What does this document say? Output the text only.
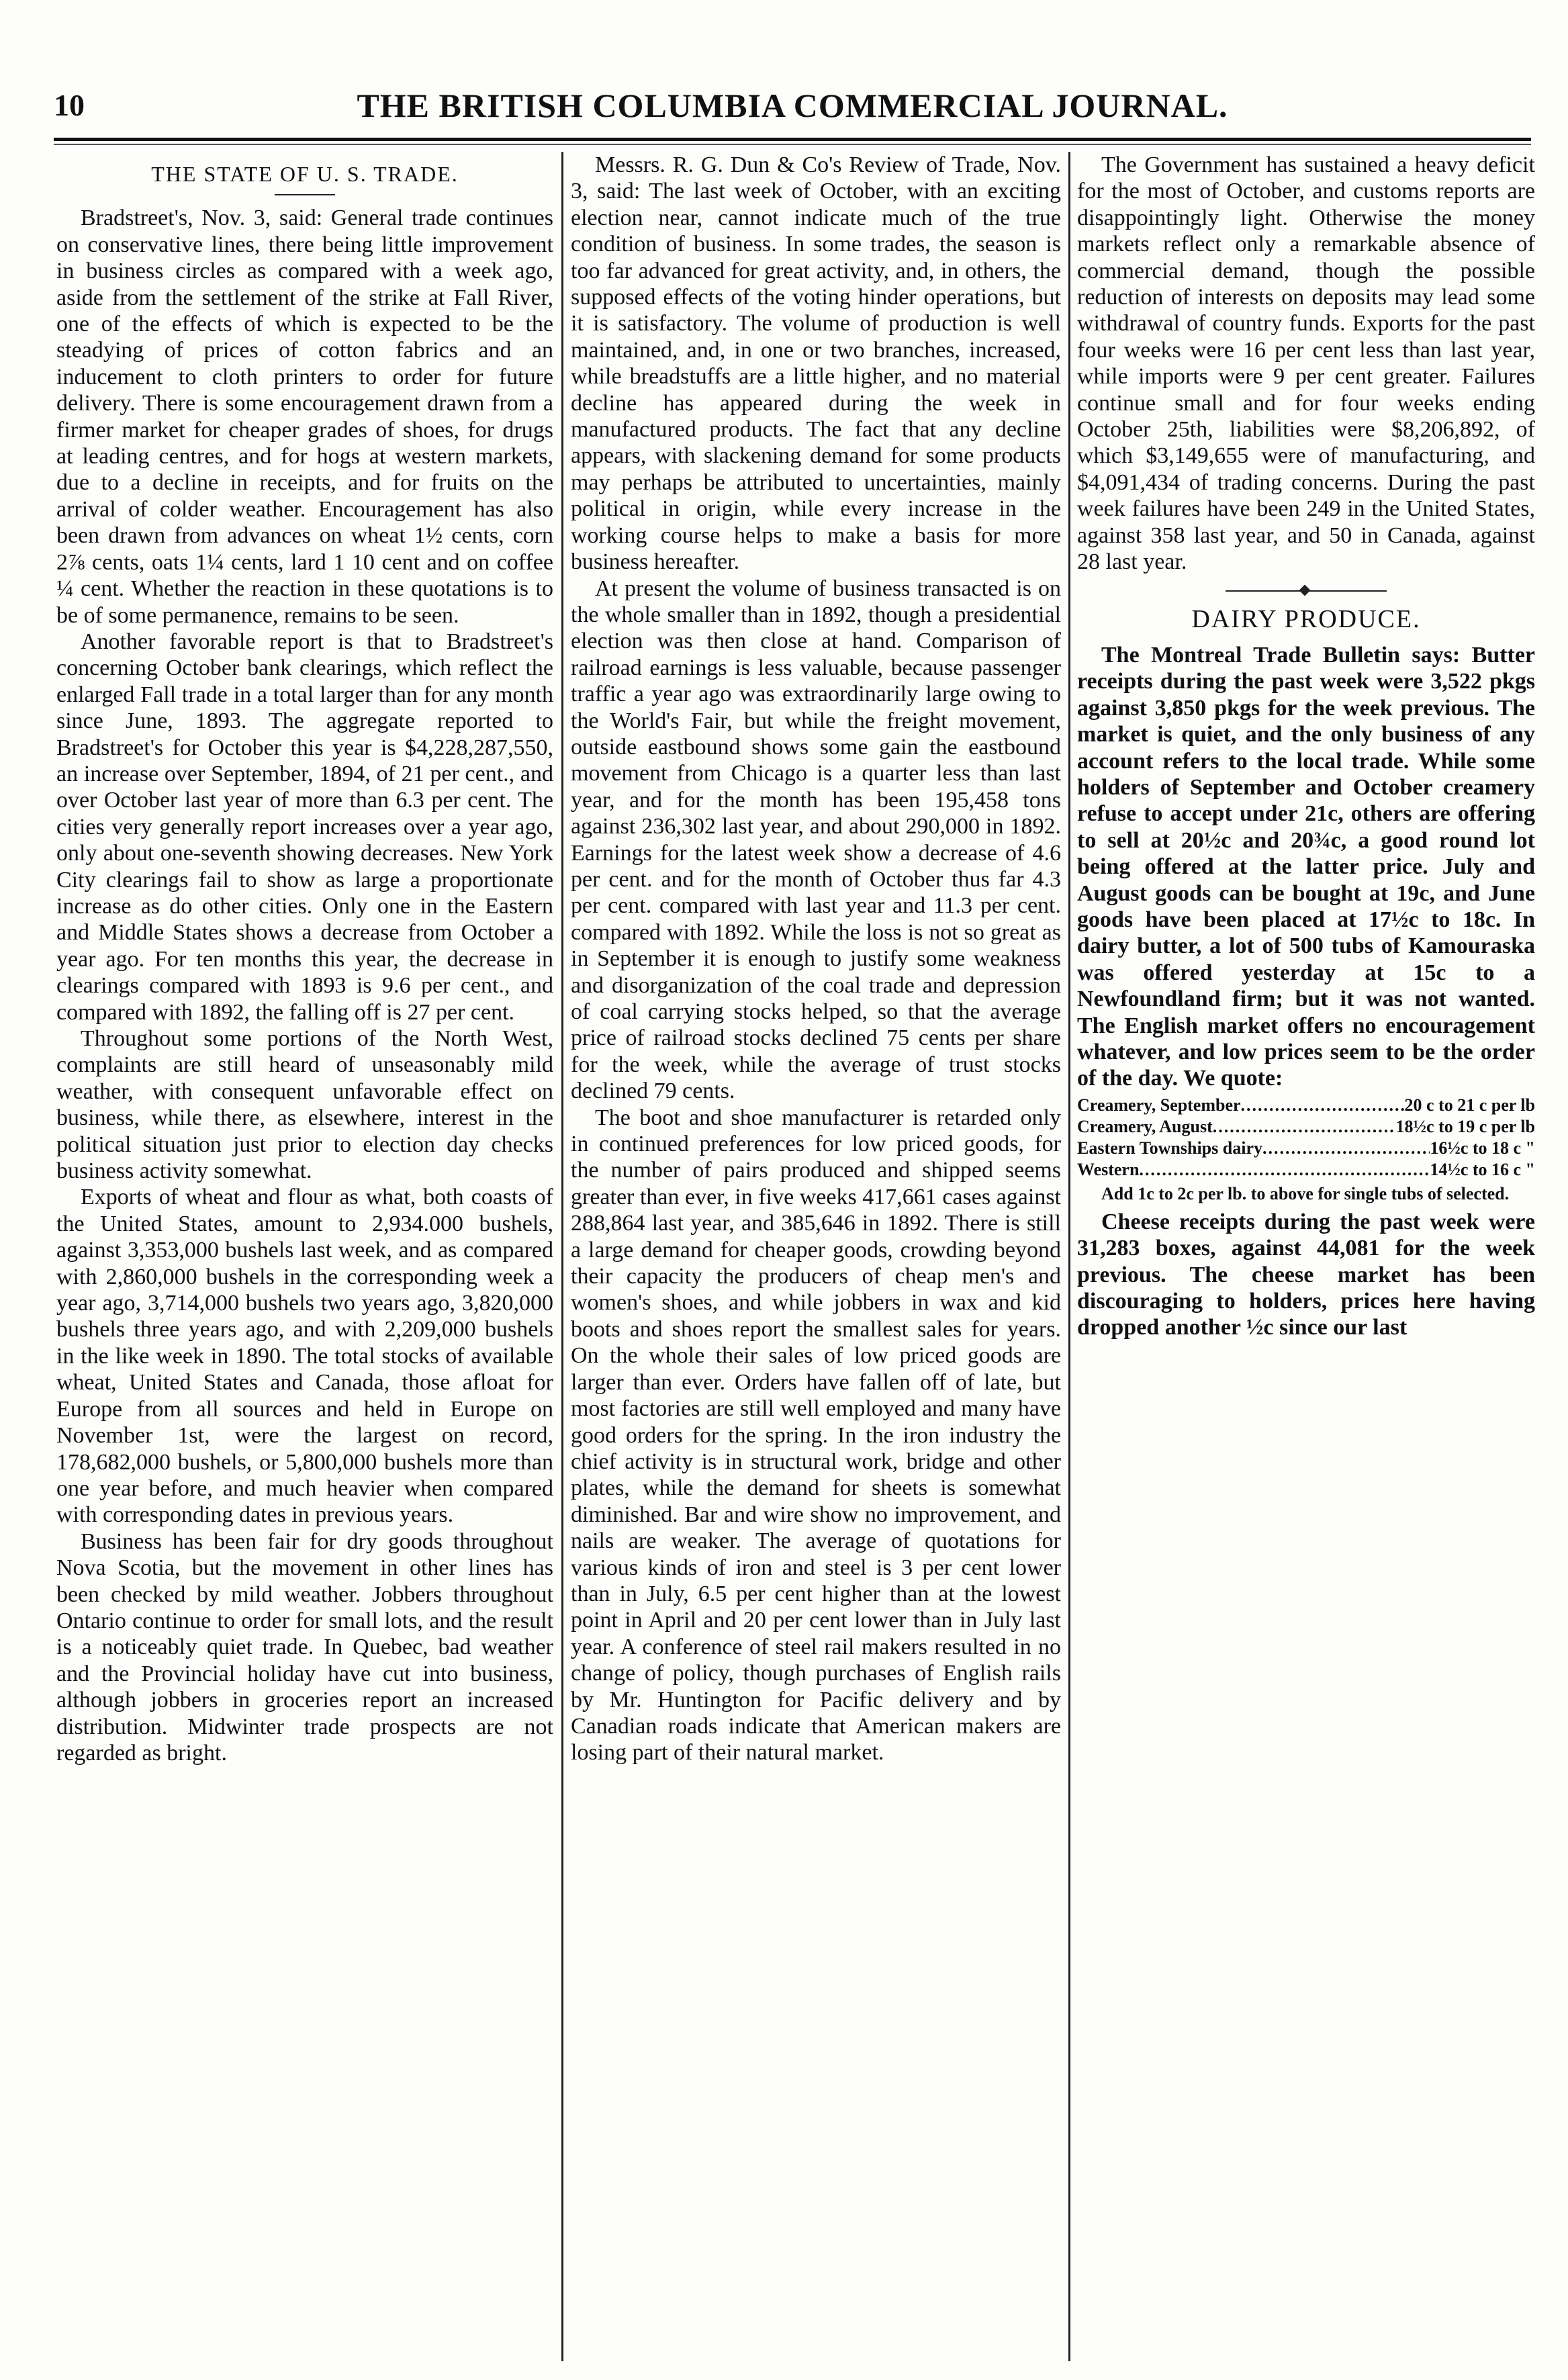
10	THE BRITISH COLUMBIA COMMERCIAL JOURNAL.
THE STATE OF U. S. TRADE.

Bradstreet's, Nov. 3, said: General trade continues on conservative lines, there being little improvement in business circles as compared with a week ago, aside from the settlement of the strike at Fall River, one of the effects of which is expected to be the steadying of prices of cotton fabrics and an inducement to cloth printers to order for future delivery. There is some encouragement drawn from a firmer market for cheaper grades of shoes, for drugs at leading centres, and for hogs at western markets, due to a decline in receipts, and for fruits on the arrival of colder weather. Encouragement has also been drawn from advances on wheat 1½ cents, corn 2⅞ cents, oats 1¼ cents, lard 1 10 cent and on coffee ¼ cent. Whether the reaction in these quotations is to be of some permanence, remains to be seen.

Another favorable report is that to Bradstreet's concerning October bank clearings, which reflect the enlarged Fall trade in a total larger than for any month since June, 1893. The aggregate reported to Bradstreet's for October this year is $4,228,287,550, an increase over September, 1894, of 21 per cent., and over October last year of more than 6.3 per cent. The cities very generally report increases over a year ago, only about one-seventh showing decreases. New York City clearings fail to show as large a proportionate increase as do other cities. Only one in the Eastern and Middle States shows a decrease from October a year ago. For ten months this year, the decrease in clearings compared with 1893 is 9.6 per cent., and compared with 1892, the falling off is 27 per cent.

Throughout some portions of the North West, complaints are still heard of unseasonably mild weather, with consequent unfavorable effect on business, while there, as elsewhere, interest in the political situation just prior to election day checks business activity somewhat.

Exports of wheat and flour as what, both coasts of the United States, amount to 2,934.000 bushels, against 3,353,000 bushels last week, and as compared with 2,860,000 bushels in the corresponding week a year ago, 3,714,000 bushels two years ago, 3,820,000 bushels three years ago, and with 2,209,000 bushels in the like week in 1890. The total stocks of available wheat, United States and Canada, those afloat for Europe from all sources and held in Europe on November 1st, were the largest on record, 178,682,000 bushels, or 5,800,000 bushels more than one year before, and much heavier when compared with corresponding dates in previous years.

Business has been fair for dry goods throughout Nova Scotia, but the movement in other lines has been checked by mild weather. Jobbers throughout Ontario continue to order for small lots, and the result is a noticeably quiet trade. In Quebec, bad weather and the Provincial holiday have cut into business, although jobbers in groceries report an increased distribution. Midwinter trade prospects are not regarded as bright.

Messrs. R. G. Dun & Co's Review of Trade, Nov. 3, said: The last week of October, with an exciting election near, cannot indicate much of the true condition of business. In some trades, the season is too far advanced for great activity, and, in others, the supposed effects of the voting hinder operations, but it is satisfactory. The volume of production is well maintained, and, in one or two branches, increased, while breadstuffs are a little higher, and no material decline has appeared during the week in manufactured products. The fact that any decline appears, with slackening demand for some products may perhaps be attributed to uncertainties, mainly political in origin, while every increase in the working course helps to make a basis for more business hereafter.

At present the volume of business transacted is on the whole smaller than in 1892, though a presidential election was then close at hand. Comparison of railroad earnings is less valuable, because passenger traffic a year ago was extraordinarily large owing to the World's Fair, but while the freight movement, outside eastbound shows some gain the eastbound movement from Chicago is a quarter less than last year, and for the month has been 195,458 tons against 236,302 last year, and about 290,000 in 1892. Earnings for the latest week show a decrease of 4.6 per cent. and for the month of October thus far 4.3 per cent. compared with last year and 11.3 per cent. compared with 1892. While the loss is not so great as in September it is enough to justify some weakness and disorganization of the coal trade and depression of coal carrying stocks helped, so that the average price of railroad stocks declined 75 cents per share for the week, while the average of trust stocks declined 79 cents.

The boot and shoe manufacturer is retarded only in continued preferences for low priced goods, for the number of pairs produced and shipped seems greater than ever, in five weeks 417,661 cases against 288,864 last year, and 385,646 in 1892. There is still a large demand for cheaper goods, crowding beyond their capacity the producers of cheap men's and women's shoes, and while jobbers in wax and kid boots and shoes report the smallest sales for years. On the whole their sales of low priced goods are larger than ever. Orders have fallen off of late, but most factories are still well employed and many have good orders for the spring. In the iron industry the chief activity is in structural work, bridge and other plates, while the demand for sheets is somewhat diminished. Bar and wire show no improvement, and nails are weaker. The average of quotations for various kinds of iron and steel is 3 per cent lower than in July, 6.5 per cent higher than at the lowest point in April and 20 per cent lower than in July last year. A conference of steel rail makers resulted in no change of policy, though purchases of English rails by Mr. Huntington for Pacific delivery and by Canadian roads indicate that American makers are losing part of their natural market.

The Government has sustained a heavy deficit for the most of October, and customs reports are disappointingly light. Otherwise the money markets reflect only a remarkable absence of commercial demand, though the possible reduction of interests on deposits may lead some withdrawal of country funds. Exports for the past four weeks were 16 per cent less than last year, while imports were 9 per cent greater. Failures continue small and for four weeks ending October 25th, liabilities were $8,206,892, of which $3,149,655 were of manufacturing, and $4,091,434 of trading concerns. During the past week failures have been 249 in the United States, against 358 last year, and 50 in Canada, against 28 last year.

DAIRY PRODUCE.

The Montreal Trade Bulletin says: Butter receipts during the past week were 3,522 pkgs against 3,850 pkgs for the week previous. The market is quiet, and the only business of any account refers to the local trade. While some holders of September and October creamery refuse to accept under 21c, others are offering to sell at 20½c and 20¾c, a good round lot being offered at the latter price. July and August goods can be bought at 19c, and June goods have been placed at 17½c to 18c. In dairy butter, a lot of 500 tubs of Kamouraska was offered yesterday at 15c to a Newfoundland firm; but it was not wanted. The English market offers no encouragement whatever, and low prices seem to be the order of the day. We quote:

Creamery, September .....	20 c to 21 c per lb
Creamery, August .....	18½c to 19 c per lb
Eastern Townships dairy .....	16½c to 18 c "
Western .....	14½c to 16 c "
Add 1c to 2c per lb. to above for single tubs of selected.

Cheese receipts during the past week were 31,283 boxes, against 44,081 for the week previous. The cheese market has been discouraging to holders, prices here having dropped another ½c since our last
